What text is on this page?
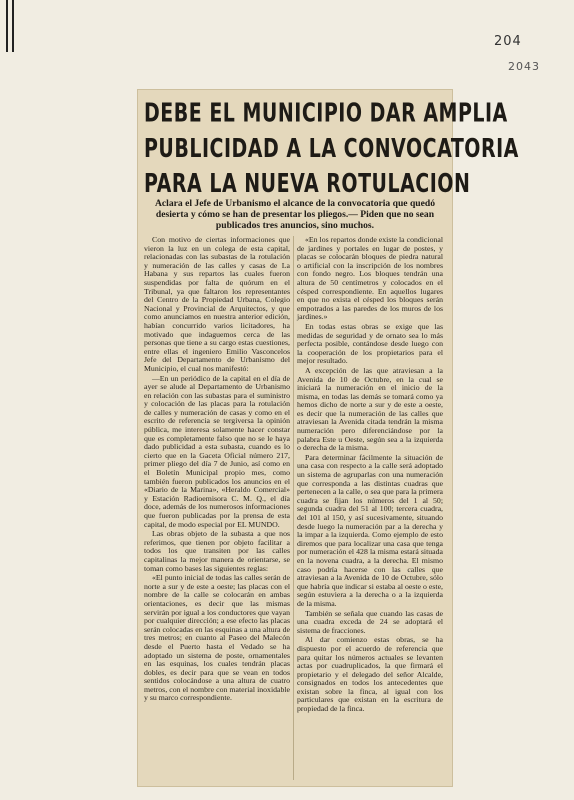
204
2043
DEBE EL MUNICIPIO DAR AMPLIA
PUBLICIDAD A LA CONVOCATORIA
PARA LA NUEVA ROTULACION
Aclara el Jefe de Urbanismo el alcance de la convocatoria que quedó desierta y cómo se han de presentar los pliegos.— Piden que no sean publicados tres anuncios, sino muchos.

Con motivo de ciertas informaciones que vieron la luz en un colega de esta capital, relacionadas con las subastas de la rotulación y numeración de las calles y casas de La Habana y sus repartos las cuales fueron suspendidas por falta de quórum en el Tribunal, ya que faltaron los representantes del Centro de la Propiedad Urbana, Colegio Nacional y Provincial de Arquitectos, y que como anunciamos en nuestra anterior edición, habían concurrido varios licitadores, ha motivado que indaguemos cerca de las personas que tiene a su cargo estas cuestiones, entre ellas el ingeniero Emilio Vasconcelos Jefe del Departamento de Urbanismo del Municipio, el cual nos manifestó:

—En un periódico de la capital en el día de ayer se alude al Departamento de Urbanismo en relación con las subastas para el suministro y colocación de las placas para la rotulación de calles y numeración de casas y como en el escrito de referencia se tergiversa la opinión pública, me interesa solamente hacer constar que es completamente falso que no se le haya dado publicidad a esta subasta, cuando es lo cierto que en la Gaceta Oficial número 217, primer pliego del día 7 de Junio, así como en el Boletín Municipal propio mes, como también fueron publicados los anuncios en el «Diario de la Marina», «Heraldo Comercial» y Estación Radioemisora C. M. Q., el día doce, además de los numerosos informaciones que fueron publicadas por la prensa de esta capital, de modo especial por EL MUNDO.

Las obras objeto de la subasta a que nos referimos, que tienen por objeto facilitar a todos los que transiten por las calles capitalinas la mejor manera de orientarse, se toman como bases las siguientes reglas:

«El punto inicial de todas las calles serán de norte a sur y de este a oeste; las placas con el nombre de la calle se colocarán en ambas orientaciones, es decir que las mismas servirán por igual a los conductores que vayan por cualquier dirección; a ese efecto las placas serán colocadas en las esquinas a una altura de tres metros; en cuanto al Paseo del Malecón desde el Puerto hasta el Vedado se ha adoptado un sistema de poste, ornamentales en las esquinas, los cuales tendrán placas dobles, es decir para que se vean en todos sentidos colocándose a una altura de cuatro metros, con el nombre con material inoxidable y su marco correspondiente.

«En los repartos donde existe la condicional de jardines y portales en lugar de postes, y placas se colocarán bloques de piedra natural o artificial con la inscripción de los nombres con fondo negro. Los bloques tendrán una altura de 50 centímetros y colocados en el césped correspondiente. En aquellos lugares en que no exista el césped los bloques serán empotrados a las paredes de los muros de los jardines.»

En todas estas obras se exige que las medidas de seguridad y de ornato sea lo más perfecta posible, contándose desde luego con la cooperación de los propietarios para el mejor resultado.

A excepción de las que atraviesan a la Avenida de 10 de Octubre, en la cual se iniciará la numeración en el inicio de la misma, en todas las demás se tomará como ya hemos dicho de norte a sur y de este a oeste, es decir que la numeración de las calles que atraviesan la Avenida citada tendrán la misma numeración pero diferenciándose por la palabra Este u Oeste, según sea a la izquierda o derecha de la misma.

Para determinar fácilmente la situación de una casa con respecto a la calle será adoptado un sistema de agruparlas con una numeración que corresponda a las distintas cuadras que pertenecen a la calle, o sea que para la primera cuadra se fijan los números del 1 al 50; segunda cuadra del 51 al 100; tercera cuadra, del 101 al 150, y así sucesivamente, situando desde luego la numeración par a la derecha y la impar a la izquierda. Como ejemplo de esto diremos que para localizar una casa que tenga por numeración el 428 la misma estará situada en la novena cuadra, a la derecha. El mismo caso podría hacerse con las calles que atraviesan a la Avenida de 10 de Octubre, sólo que habría que indicar si estaba al oeste o este, según estuviera a la derecha o a la izquierda de la misma.

También se señala que cuando las casas de una cuadra exceda de 24 se adoptará el sistema de fracciones.

Al dar comienzo estas obras, se ha dispuesto por el acuerdo de referencia que para quitar los números actuales se levanten actas por cuadruplicados, la que firmará el propietario y el delegado del señor Alcalde, consignados en todos los antecedentes que existan sobre la finca, al igual con los particulares que existan en la escritura de propiedad de la finca.
